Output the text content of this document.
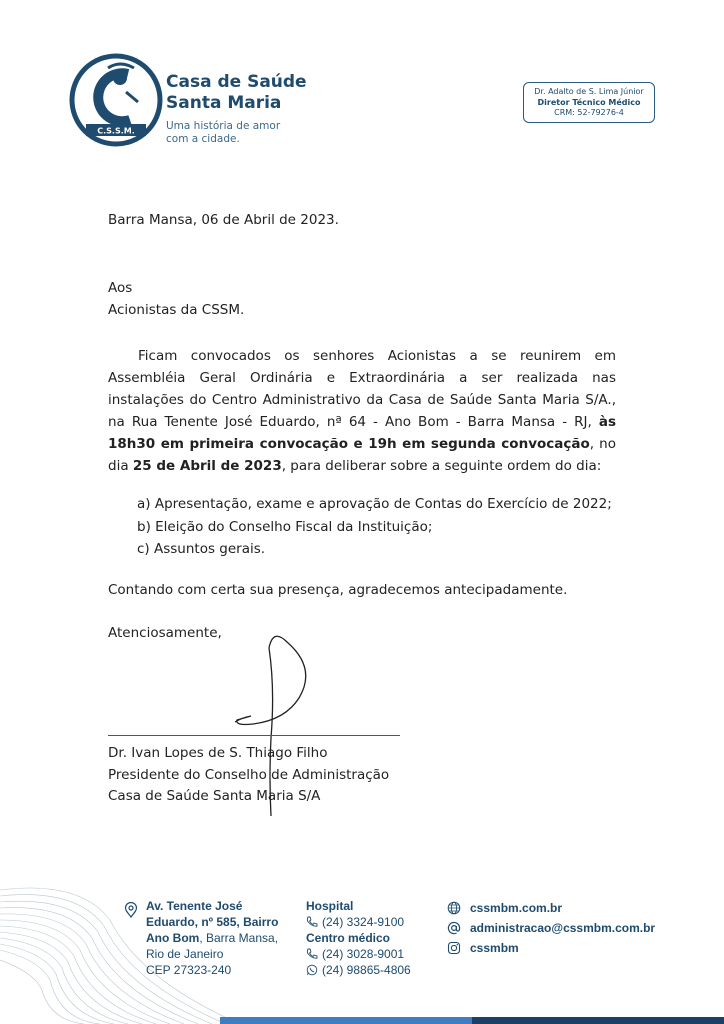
C.S.S.M.
Casa de Saúde
Santa Maria
Uma história de amor
com a cidade.
Dr. Adalto de S. Lima Júnior
Diretor Técnico Médico
CRM: 52-79276-4
Barra Mansa, 06 de Abril de 2023.
Aos
Acionistas da CSSM.
Ficam convocados os senhores Acionistas a se reunirem em Assembléia Geral Ordinária e Extraordinária a ser realizada nas instalações do Centro Administrativo da Casa de Saúde Santa Maria S/A., na Rua Tenente José Eduardo, nª 64 - Ano Bom - Barra Mansa - RJ, às 18h30 em primeira convocação e 19h em segunda convocação, no dia 25 de Abril de 2023, para deliberar sobre a seguinte ordem do dia:
a) Apresentação, exame e aprovação de Contas do Exercício de 2022;
b) Eleição do Conselho Fiscal da Instituição;
c) Assuntos gerais.
Contando com certa sua presença, agradecemos antecipadamente.
Atenciosamente,
Dr. Ivan Lopes de S. Thiago Filho
Presidente do Conselho de Administração
Casa de Saúde Santa Maria S/A
Av. Tenente José
Eduardo, nº 585, Bairro
Ano Bom, Barra Mansa,
Rio de Janeiro
CEP 27323-240
Hospital
(24) 3324-9100
Centro médico
(24) 3028-9001
(24) 98865-4806
cssmbm.com.br
administracao@cssmbm.com.br
cssmbm
